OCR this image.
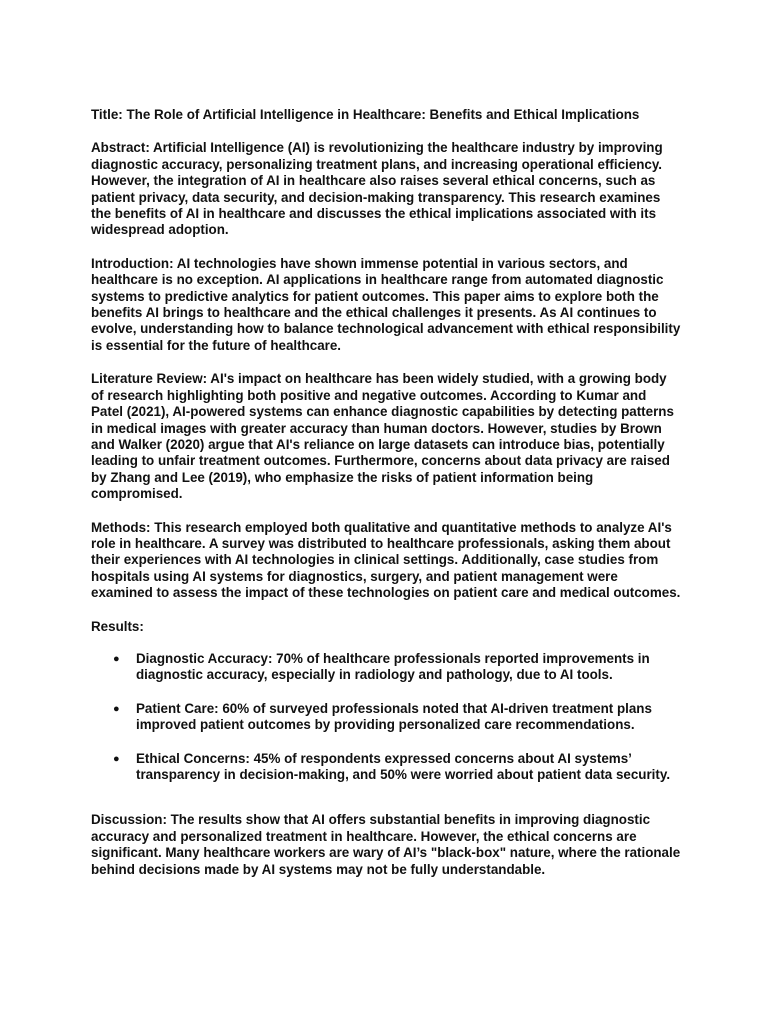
Title: The Role of Artificial Intelligence in Healthcare: Benefits and Ethical Implications

Abstract: Artificial Intelligence (AI) is revolutionizing the healthcare industry by improving diagnostic accuracy, personalizing treatment plans, and increasing operational efficiency. However, the integration of AI in healthcare also raises several ethical concerns, such as patient privacy, data security, and decision-making transparency. This research examines the benefits of AI in healthcare and discusses the ethical implications associated with its widespread adoption.

Introduction: AI technologies have shown immense potential in various sectors, and healthcare is no exception. AI applications in healthcare range from automated diagnostic systems to predictive analytics for patient outcomes. This paper aims to explore both the benefits AI brings to healthcare and the ethical challenges it presents. As AI continues to evolve, understanding how to balance technological advancement with ethical responsibility is essential for the future of healthcare.

Literature Review: AI's impact on healthcare has been widely studied, with a growing body of research highlighting both positive and negative outcomes. According to Kumar and Patel (2021), AI-powered systems can enhance diagnostic capabilities by detecting patterns in medical images with greater accuracy than human doctors. However, studies by Brown and Walker (2020) argue that AI's reliance on large datasets can introduce bias, potentially leading to unfair treatment outcomes. Furthermore, concerns about data privacy are raised by Zhang and Lee (2019), who emphasize the risks of patient information being compromised.

Methods: This research employed both qualitative and quantitative methods to analyze AI's role in healthcare. A survey was distributed to healthcare professionals, asking them about their experiences with AI technologies in clinical settings. Additionally, case studies from hospitals using AI systems for diagnostics, surgery, and patient management were examined to assess the impact of these technologies on patient care and medical outcomes.

Results:

● Diagnostic Accuracy: 70% of healthcare professionals reported improvements in diagnostic accuracy, especially in radiology and pathology, due to AI tools.
● Patient Care: 60% of surveyed professionals noted that AI-driven treatment plans improved patient outcomes by providing personalized care recommendations.
● Ethical Concerns: 45% of respondents expressed concerns about AI systems’ transparency in decision-making, and 50% were worried about patient data security.

Discussion: The results show that AI offers substantial benefits in improving diagnostic accuracy and personalized treatment in healthcare. However, the ethical concerns are significant. Many healthcare workers are wary of AI’s "black-box" nature, where the rationale behind decisions made by AI systems may not be fully understandable.
